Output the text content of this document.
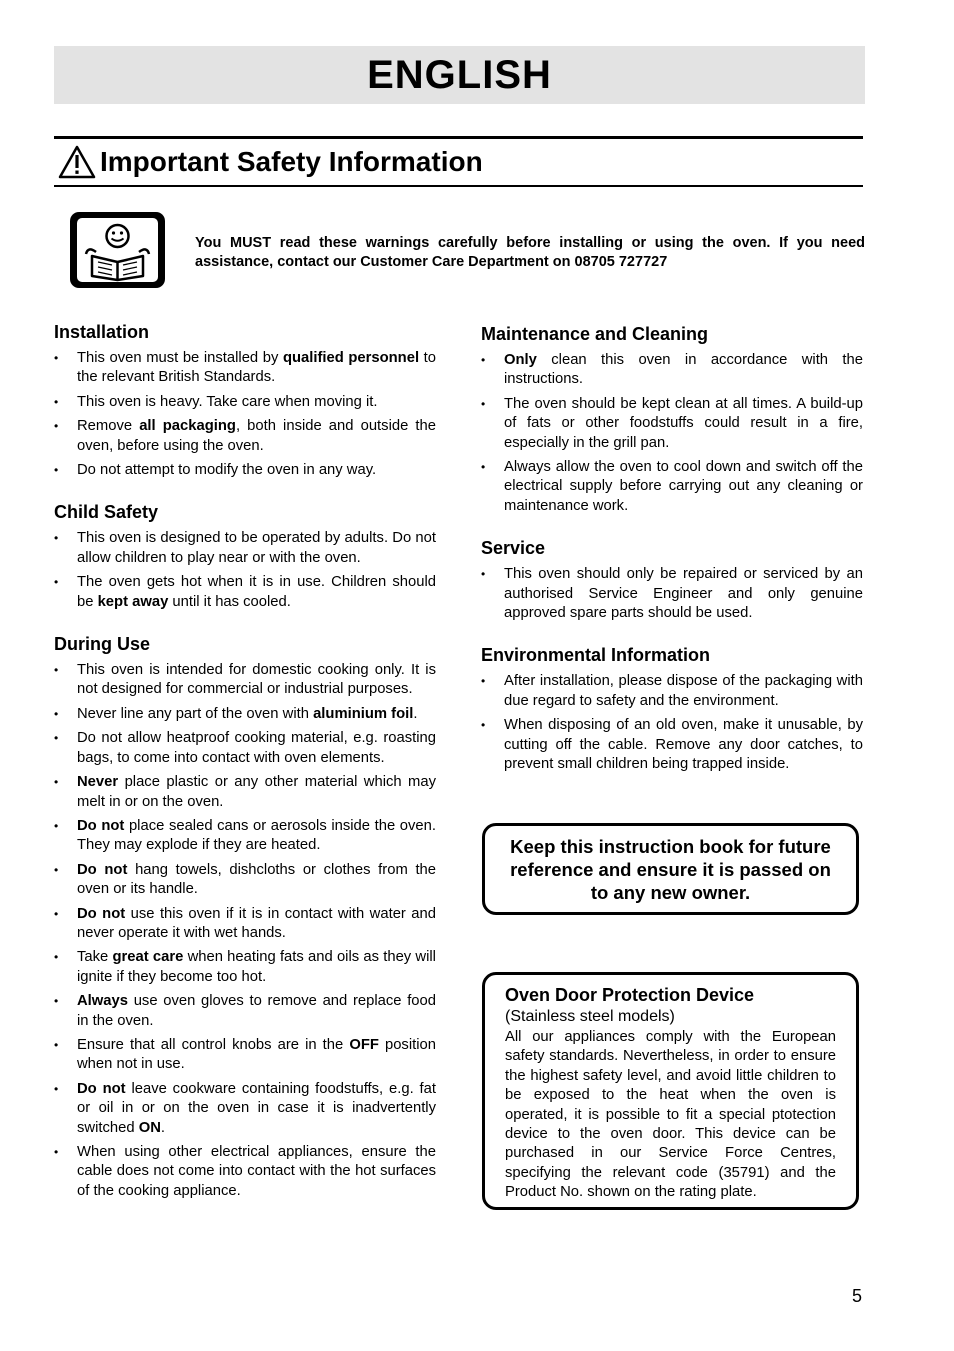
ENGLISH
Important Safety Information
You MUST read these warnings carefully before installing or using the oven. If you need assistance, contact our Customer Care Department on 08705 727727
Installation
• This oven must be installed by qualified personnel to the relevant British Standards.
• This oven is heavy. Take care when moving it.
• Remove all packaging, both inside and outside the oven, before using the oven.
• Do not attempt to modify the oven in any way.
Child Safety
• This oven is designed to be operated by adults. Do not allow children to play near or with the oven.
• The oven gets hot when it is in use. Children should be kept away until it has cooled.
During Use
• This oven is intended for domestic cooking only. It is not designed for commercial or industrial purposes.
• Never line any part of the oven with aluminium foil.
• Do not allow heatproof cooking material, e.g. roasting bags, to come into contact with oven elements.
• Never place plastic or any other material which may melt in or on the oven.
• Do not place sealed cans or aerosols inside the oven. They may explode if they are heated.
• Do not hang towels, dishcloths or clothes from the oven or its handle.
• Do not use this oven if it is in contact with water and never operate it with wet hands.
• Take great care when heating fats and oils as they will ignite if they become too hot.
• Always use oven gloves to remove and replace food in the oven.
• Ensure that all control knobs are in the OFF position when not in use.
• Do not leave cookware containing foodstuffs, e.g. fat or oil in or on the oven in case it is inadvertently switched ON.
• When using other electrical appliances, ensure the cable does not come into contact with the hot surfaces of the cooking appliance.
Maintenance and Cleaning
• Only clean this oven in accordance with the instructions.
• The oven should be kept clean at all times. A build-up of fats or other foodstuffs could result in a fire, especially in the grill pan.
• Always allow the oven to cool down and switch off the electrical supply before carrying out any cleaning or maintenance work.
Service
• This oven should only be repaired or serviced by an authorised Service Engineer and only genuine approved spare parts should be used.
Environmental Information
• After installation, please dispose of the packaging with due regard to safety and the environment.
• When disposing of an old oven, make it unusable, by cutting off the cable. Remove any door catches, to prevent small children being trapped inside.
Keep this instruction book for future reference and ensure it is passed on to any new owner.
Oven Door Protection Device
(Stainless steel models)

All our appliances comply with the European safety standards. Nevertheless, in order to ensure the highest safety level, and avoid little children to be exposed to the heat when the oven is operated, it is possible to fit a special ptotection device to the oven door. This device can be purchased in our Service Force Centres, specifying the relevant code (35791) and the Product No. shown on the rating plate.

5
